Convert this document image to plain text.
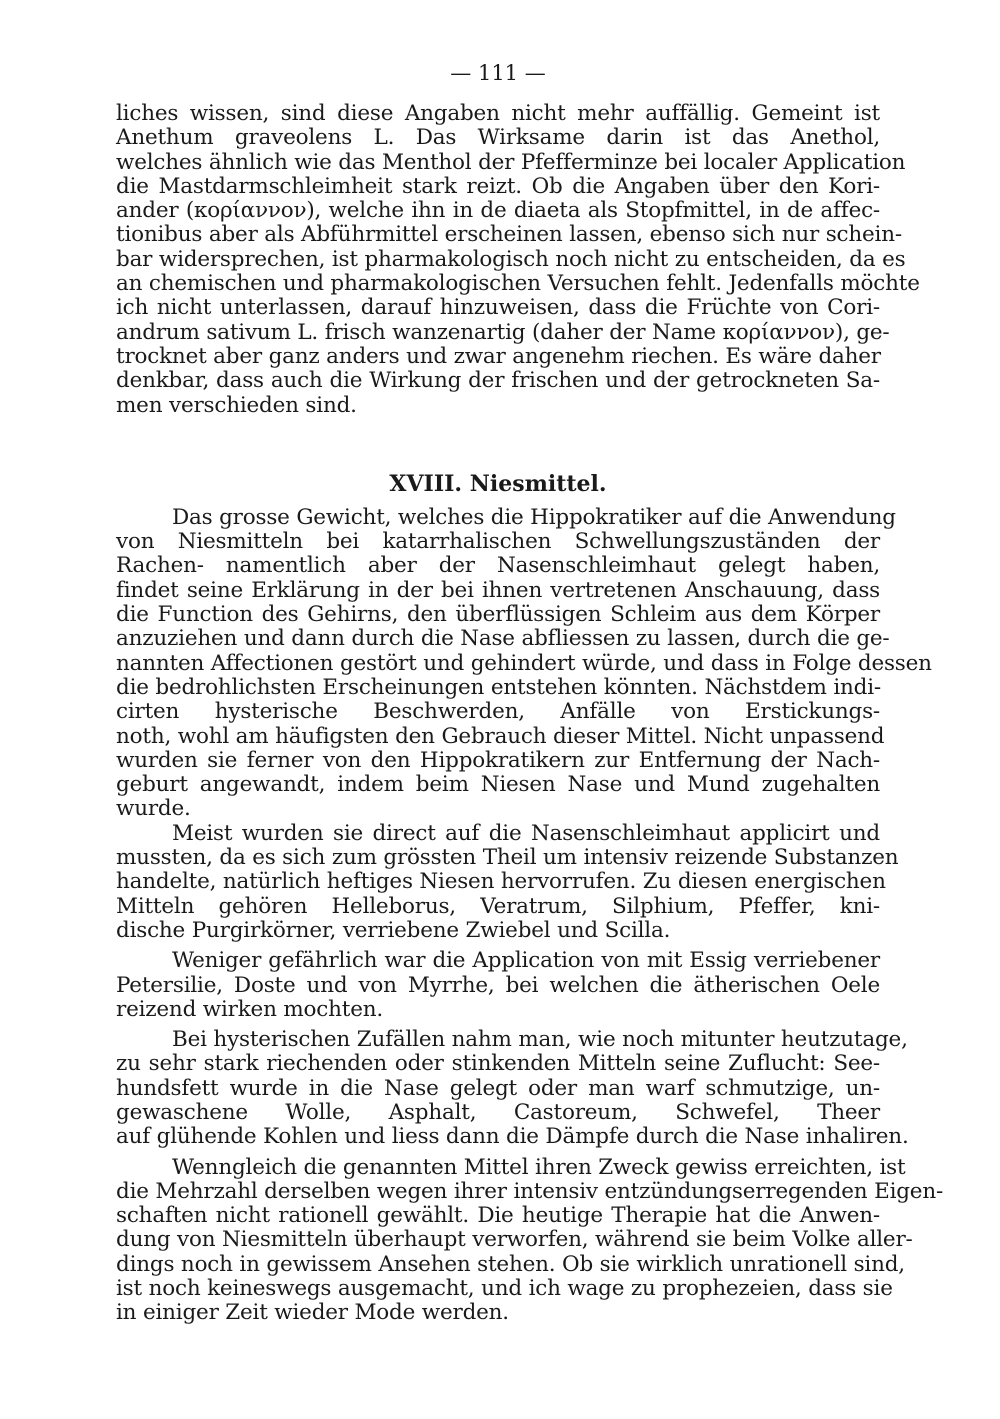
— 111 —
liches wissen, sind diese Angaben nicht mehr auffällig. Gemeint ist
Anethum graveolens L. Das Wirksame darin ist das Anethol,
welches ähnlich wie das Menthol der Pfefferminze bei localer Application
die Mastdarmschleimheit stark reizt. Ob die Angaben über den Kori-
ander (κορίαννον), welche ihn in de diaeta als Stopfmittel, in de affec-
tionibus aber als Abführmittel erscheinen lassen, ebenso sich nur schein-
bar widersprechen, ist pharmakologisch noch nicht zu entscheiden, da es
an chemischen und pharmakologischen Versuchen fehlt. Jedenfalls möchte
ich nicht unterlassen, darauf hinzuweisen, dass die Früchte von Cori-
andrum sativum L. frisch wanzenartig (daher der Name κορίαννον), ge-
trocknet aber ganz anders und zwar angenehm riechen. Es wäre daher
denkbar, dass auch die Wirkung der frischen und der getrockneten Sa-
men verschieden sind.
XVIII. Niesmittel.
Das grosse Gewicht, welches die Hippokratiker auf die Anwendung
von Niesmitteln bei katarrhalischen Schwellungszuständen der
Rachen- namentlich aber der Nasenschleimhaut gelegt haben,
findet seine Erklärung in der bei ihnen vertretenen Anschauung, dass
die Function des Gehirns, den überflüssigen Schleim aus dem Körper
anzuziehen und dann durch die Nase abfliessen zu lassen, durch die ge-
nannten Affectionen gestört und gehindert würde, und dass in Folge dessen
die bedrohlichsten Erscheinungen entstehen könnten. Nächstdem indi-
cirten hysterische Beschwerden, Anfälle von Erstickungs-
noth, wohl am häufigsten den Gebrauch dieser Mittel. Nicht unpassend
wurden sie ferner von den Hippokratikern zur Entfernung der Nach-
geburt angewandt, indem beim Niesen Nase und Mund zugehalten
wurde.
Meist wurden sie direct auf die Nasenschleimhaut applicirt und
mussten, da es sich zum grössten Theil um intensiv reizende Substanzen
handelte, natürlich heftiges Niesen hervorrufen. Zu diesen energischen
Mitteln gehören Helleborus, Veratrum, Silphium, Pfeffer, kni-
dische Purgirkörner, verriebene Zwiebel und Scilla.
Weniger gefährlich war die Application von mit Essig verriebener
Petersilie, Doste und von Myrrhe, bei welchen die ätherischen Oele
reizend wirken mochten.
Bei hysterischen Zufällen nahm man, wie noch mitunter heutzutage,
zu sehr stark riechenden oder stinkenden Mitteln seine Zuflucht: See-
hundsfett wurde in die Nase gelegt oder man warf schmutzige, un-
gewaschene Wolle, Asphalt, Castoreum, Schwefel, Theer
auf glühende Kohlen und liess dann die Dämpfe durch die Nase inhaliren.
Wenngleich die genannten Mittel ihren Zweck gewiss erreichten, ist
die Mehrzahl derselben wegen ihrer intensiv entzündungserregenden Eigen-
schaften nicht rationell gewählt. Die heutige Therapie hat die Anwen-
dung von Niesmitteln überhaupt verworfen, während sie beim Volke aller-
dings noch in gewissem Ansehen stehen. Ob sie wirklich unrationell sind,
ist noch keineswegs ausgemacht, und ich wage zu prophezeien, dass sie
in einiger Zeit wieder Mode werden.
